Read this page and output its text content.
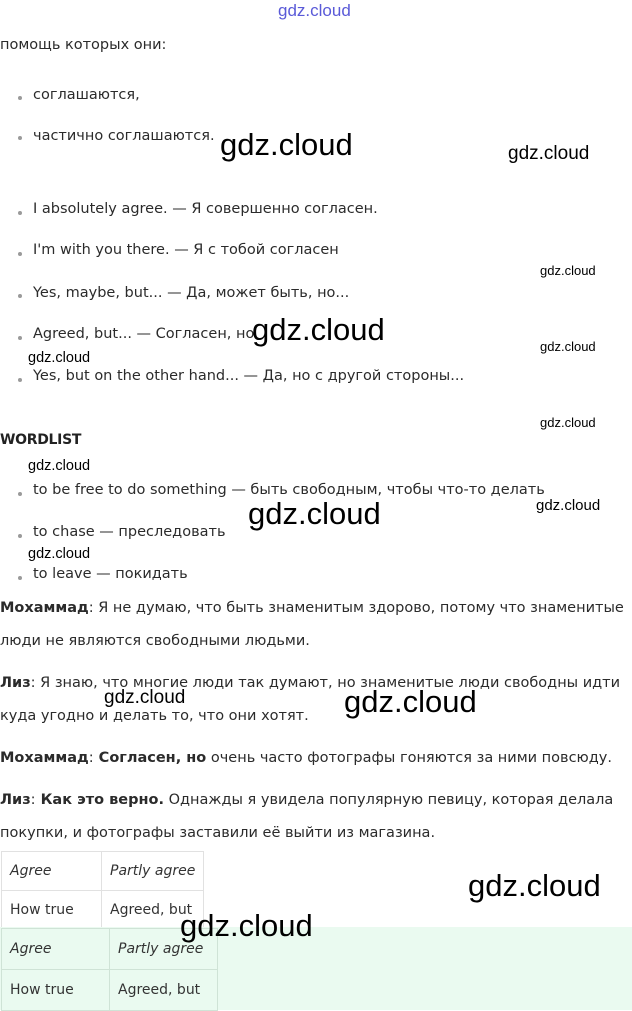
gdz.cloud
помощь которых они:
соглашаются,
частично соглашаются.
I absolutely agree. — Я совершенно согласен.
I'm with you there. — Я с тобой согласен
Yes, maybe, but... — Да, может быть, но...
Agreed, but... — Согласен, но
Yes, but on the other hand... — Да, но с другой стороны...
WORDLIST
to be free to do something — быть свободным, чтобы что-то делать
to chase — преследовать
to leave — покидать
Мохаммад: Я не думаю, что быть знаменитым здорово, потому что знаменитые
люди не являются свободными людьми.
Лиз: Я знаю, что многие люди так думают, но знаменитые люди свободны идти
куда угодно и делать то, что они хотят.
Мохаммад: Согласен, но очень часто фотографы гоняются за ними повсюду.
Лиз: Как это верно. Однажды я увидела популярную певицу, которая делала
покупки, и фотографы заставили её выйти из магазина.
Agree	Partly agree
How true	Agreed, but
Agree	Partly agree
How true	Agreed, but
gdz.cloud	gdz.cloud
gdz.cloud
gdz.cloud	gdz.cloud
gdz.cloud
gdz.cloud
gdz.cloud
gdz.cloud
gdz.cloud
gdz.cloud
gdz.cloud	gdz.cloud
gdz.cloud
gdz.cloud
